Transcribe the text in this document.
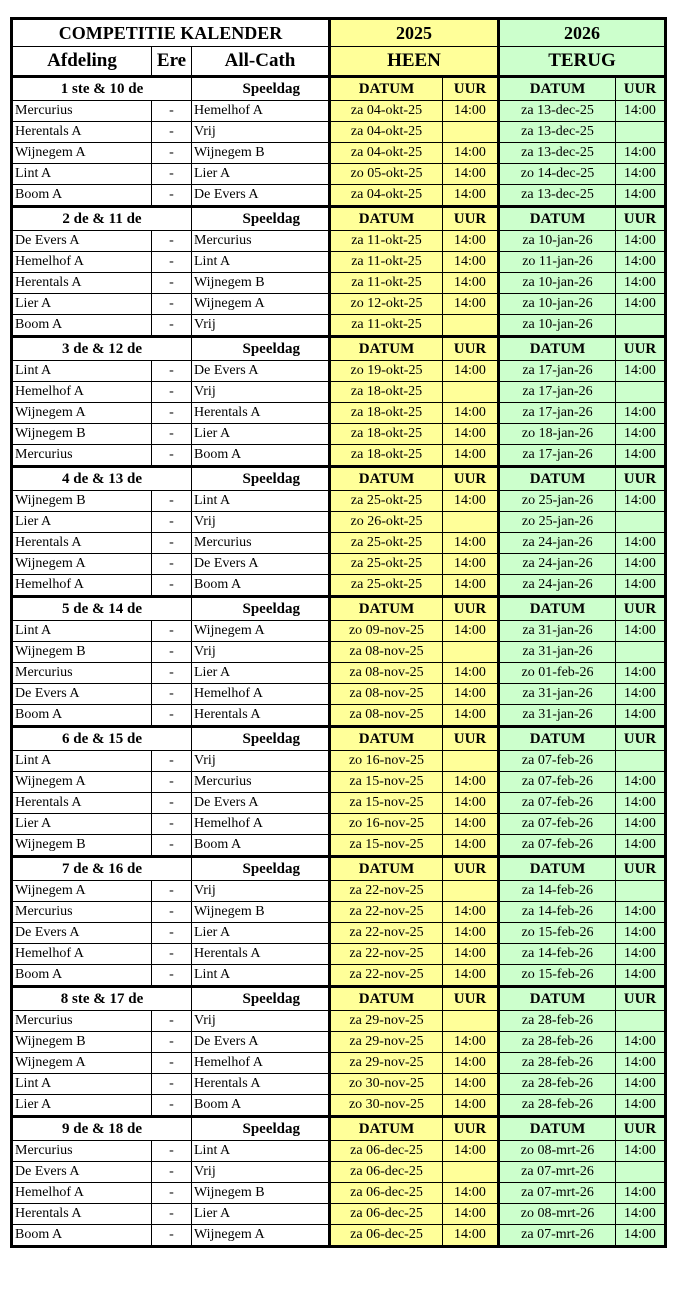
COMPETITIE KALENDER			2025		2026	
Afdeling	Ere	All-Cath	HEEN		TERUG	
1 ste & 10 de		Speeldag	DATUM	UUR	DATUM	UUR
Mercurius	-	Hemelhof A	za 04-okt-25	14:00	za 13-dec-25	14:00
Herentals A	-	Vrij	za 04-okt-25		za 13-dec-25	
Wijnegem A	-	Wijnegem B	za 04-okt-25	14:00	za 13-dec-25	14:00
Lint A	-	Lier A	zo 05-okt-25	14:00	zo 14-dec-25	14:00
Boom A	-	De Evers A	za 04-okt-25	14:00	za 13-dec-25	14:00
2 de & 11 de		Speeldag	DATUM	UUR	DATUM	UUR
De Evers A	-	Mercurius	za 11-okt-25	14:00	za 10-jan-26	14:00
Hemelhof A	-	Lint A	za 11-okt-25	14:00	zo 11-jan-26	14:00
Herentals A	-	Wijnegem B	za 11-okt-25	14:00	za 10-jan-26	14:00
Lier A	-	Wijnegem A	zo 12-okt-25	14:00	za 10-jan-26	14:00
Boom A	-	Vrij	za 11-okt-25		za 10-jan-26	
3 de & 12 de		Speeldag	DATUM	UUR	DATUM	UUR
Lint A	-	De Evers A	zo 19-okt-25	14:00	za 17-jan-26	14:00
Hemelhof A	-	Vrij	za 18-okt-25		za 17-jan-26	
Wijnegem A	-	Herentals A	za 18-okt-25	14:00	za 17-jan-26	14:00
Wijnegem B	-	Lier A	za 18-okt-25	14:00	zo 18-jan-26	14:00
Mercurius	-	Boom A	za 18-okt-25	14:00	za 17-jan-26	14:00
4 de & 13 de		Speeldag	DATUM	UUR	DATUM	UUR
Wijnegem B	-	Lint A	za 25-okt-25	14:00	zo 25-jan-26	14:00
Lier A	-	Vrij	zo 26-okt-25		zo 25-jan-26	
Herentals A	-	Mercurius	za 25-okt-25	14:00	za 24-jan-26	14:00
Wijnegem A	-	De Evers A	za 25-okt-25	14:00	za 24-jan-26	14:00
Hemelhof A	-	Boom A	za 25-okt-25	14:00	za 24-jan-26	14:00
5 de & 14 de		Speeldag	DATUM	UUR	DATUM	UUR
Lint A	-	Wijnegem A	zo 09-nov-25	14:00	za 31-jan-26	14:00
Wijnegem B	-	Vrij	za 08-nov-25		za 31-jan-26	
Mercurius	-	Lier A	za 08-nov-25	14:00	zo 01-feb-26	14:00
De Evers A	-	Hemelhof A	za 08-nov-25	14:00	za 31-jan-26	14:00
Boom A	-	Herentals A	za 08-nov-25	14:00	za 31-jan-26	14:00
6 de & 15 de		Speeldag	DATUM	UUR	DATUM	UUR
Lint A	-	Vrij	zo 16-nov-25		za 07-feb-26	
Wijnegem A	-	Mercurius	za 15-nov-25	14:00	za 07-feb-26	14:00
Herentals A	-	De Evers A	za 15-nov-25	14:00	za 07-feb-26	14:00
Lier A	-	Hemelhof A	zo 16-nov-25	14:00	za 07-feb-26	14:00
Wijnegem B	-	Boom A	za 15-nov-25	14:00	za 07-feb-26	14:00
7 de & 16 de		Speeldag	DATUM	UUR	DATUM	UUR
Wijnegem A	-	Vrij	za 22-nov-25		za 14-feb-26	
Mercurius	-	Wijnegem B	za 22-nov-25	14:00	za 14-feb-26	14:00
De Evers A	-	Lier A	za 22-nov-25	14:00	zo 15-feb-26	14:00
Hemelhof A	-	Herentals A	za 22-nov-25	14:00	za 14-feb-26	14:00
Boom A	-	Lint A	za 22-nov-25	14:00	zo 15-feb-26	14:00
8 ste & 17 de		Speeldag	DATUM	UUR	DATUM	UUR
Mercurius	-	Vrij	za 29-nov-25		za 28-feb-26	
Wijnegem B	-	De Evers A	za 29-nov-25	14:00	za 28-feb-26	14:00
Wijnegem A	-	Hemelhof A	za 29-nov-25	14:00	za 28-feb-26	14:00
Lint A	-	Herentals A	zo 30-nov-25	14:00	za 28-feb-26	14:00
Lier A	-	Boom A	zo 30-nov-25	14:00	za 28-feb-26	14:00
9 de & 18 de		Speeldag	DATUM	UUR	DATUM	UUR
Mercurius	-	Lint A	za 06-dec-25	14:00	zo 08-mrt-26	14:00
De Evers A	-	Vrij	za 06-dec-25		za 07-mrt-26	
Hemelhof A	-	Wijnegem B	za 06-dec-25	14:00	za 07-mrt-26	14:00
Herentals A	-	Lier A	za 06-dec-25	14:00	zo 08-mrt-26	14:00
Boom A	-	Wijnegem A	za 06-dec-25	14:00	za 07-mrt-26	14:00
